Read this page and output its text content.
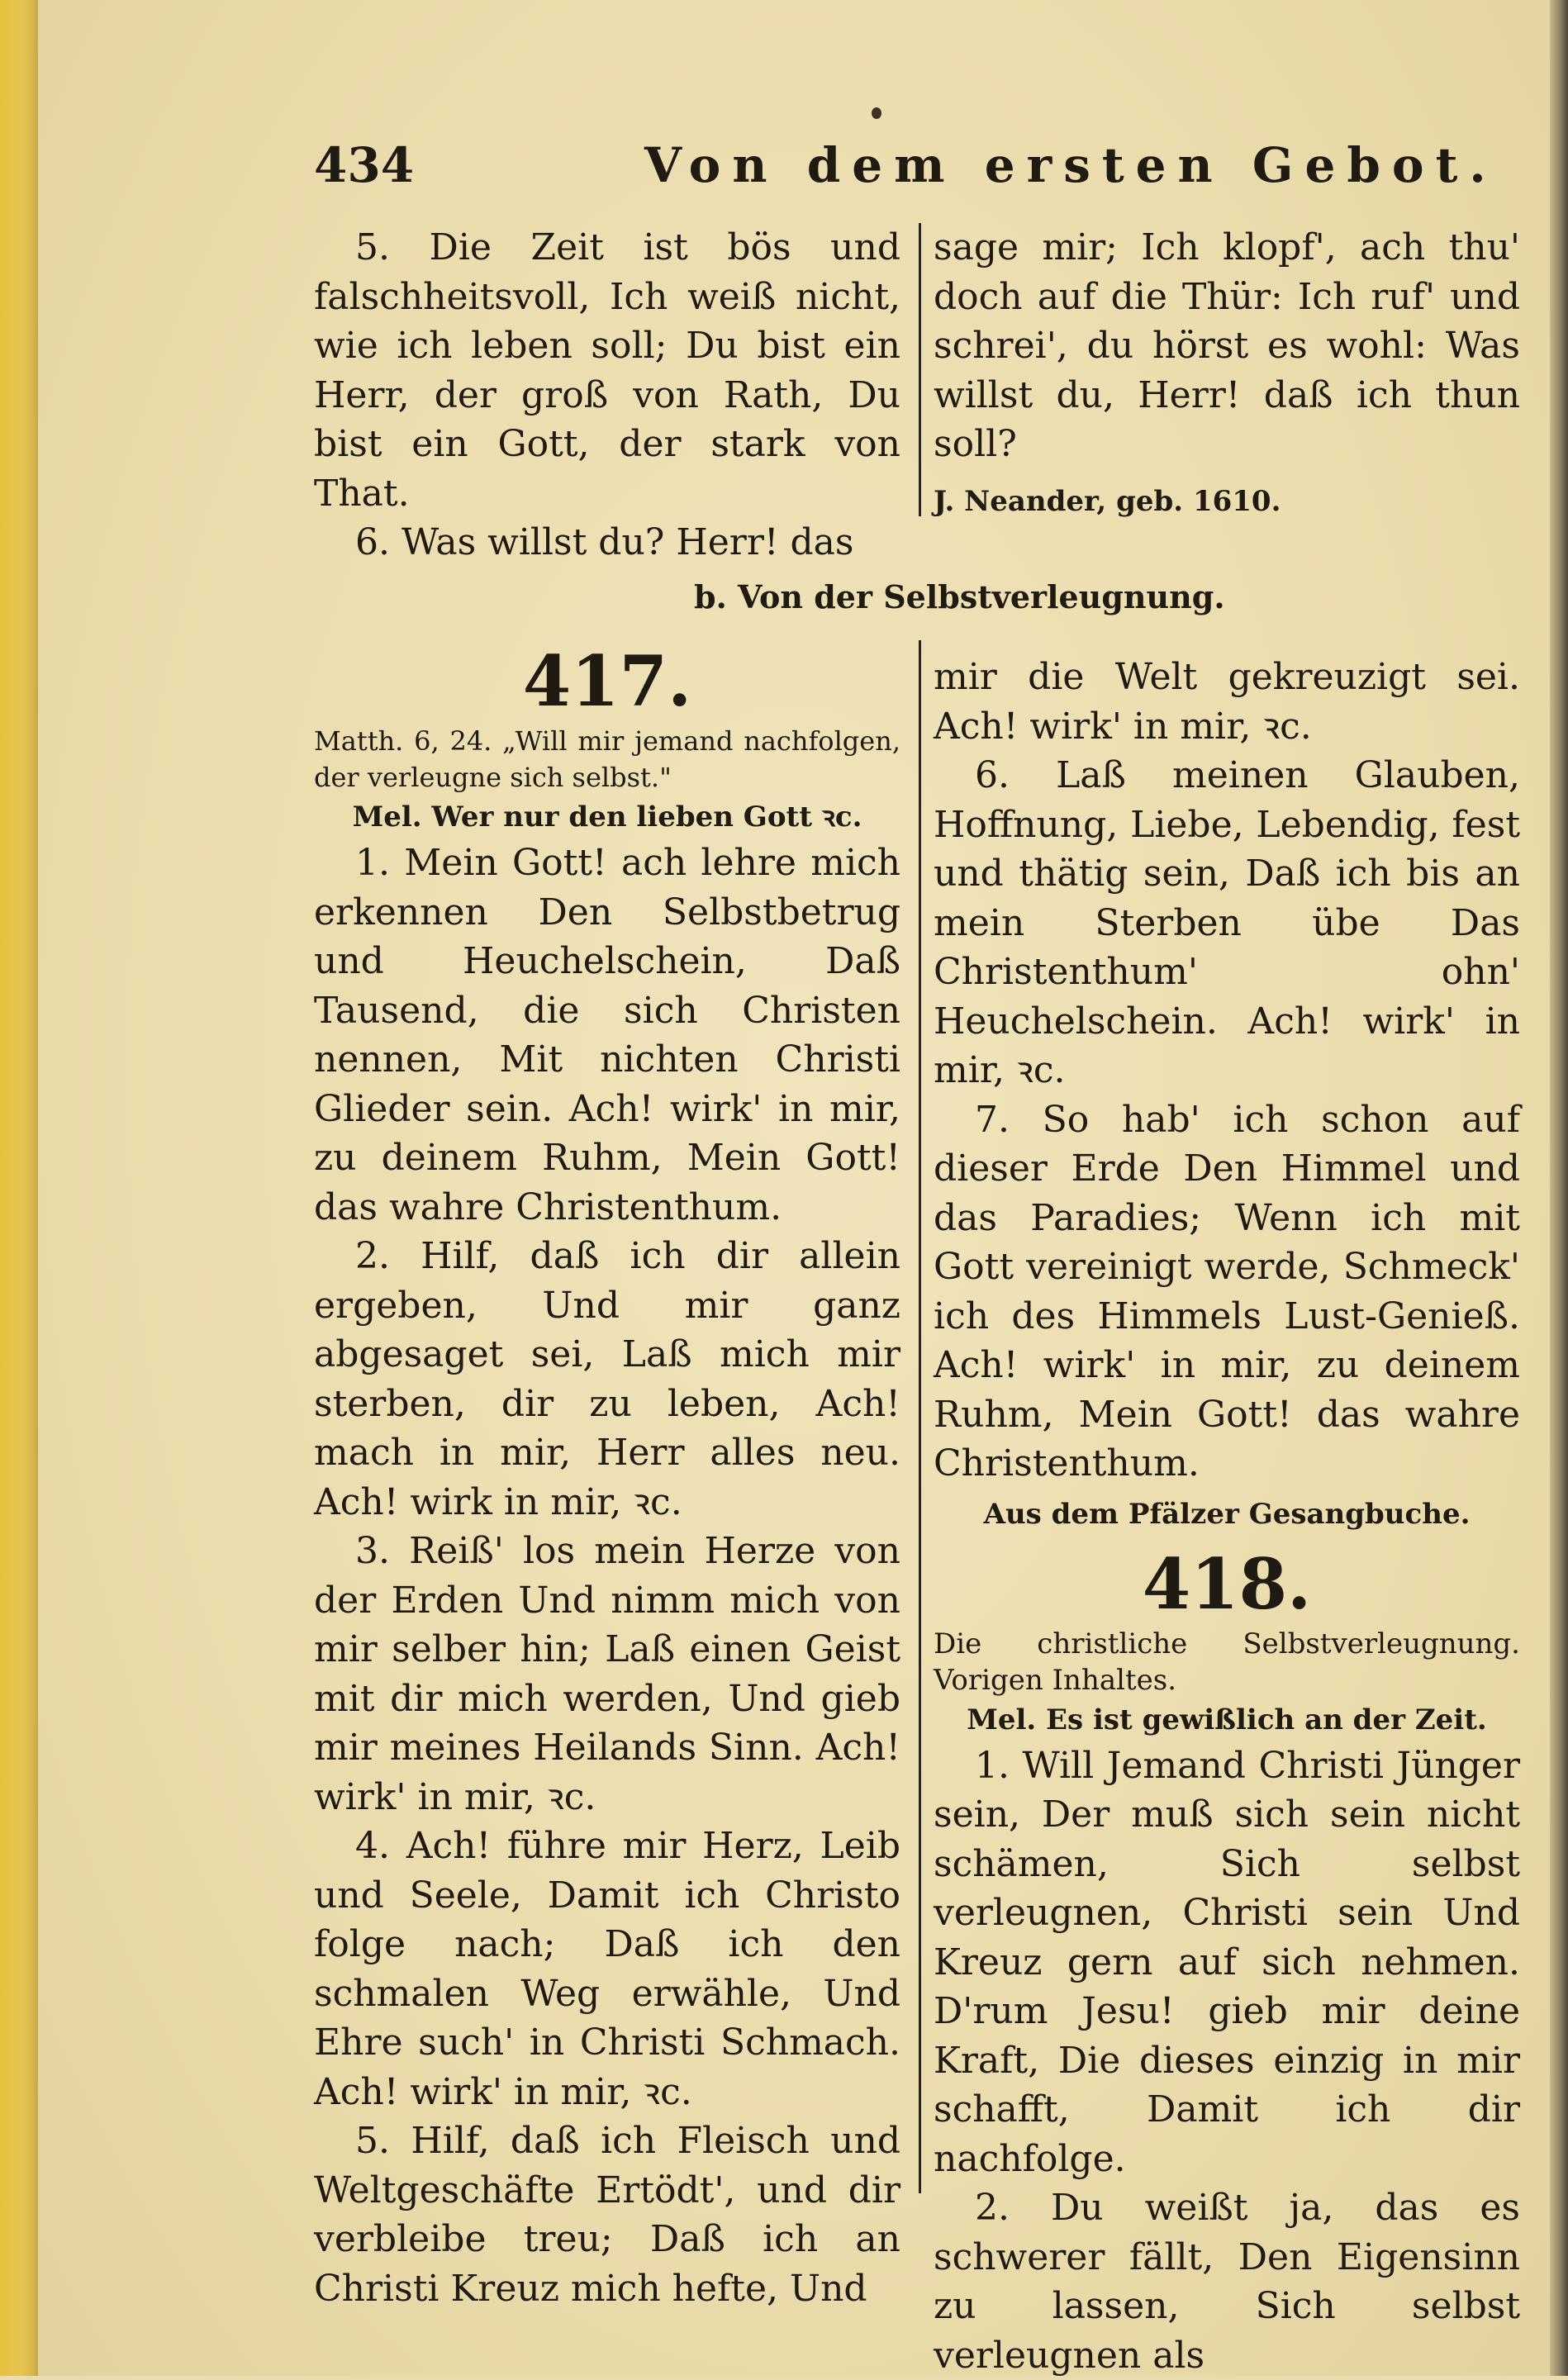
434	Von dem ersten Gebot.

5. Die Zeit ist bös und falschheitsvoll, Ich weiß nicht, wie ich leben soll; Du bist ein Herr, der groß von Rath, Du bist ein Gott, der stark von That.

6. Was willst du? Herr! das

sage mir; Ich klopf', ach thu' doch auf die Thür: Ich ruf' und schrei', du hörst es wohl: Was willst du, Herr! daß ich thun soll?

J. Neander, geb. 1610.

b. Von der Selbstverleugnung.
417.

Matth. 6, 24. „Will mir jemand nachfolgen, der verleugne sich selbst."

Mel. Wer nur den lieben Gott ꝛc.

1. Mein Gott! ach lehre mich erkennen Den Selbstbetrug und Heuchelschein, Daß Tausend, die sich Christen nennen, Mit nichten Christi Glieder sein. Ach! wirk' in mir, zu deinem Ruhm, Mein Gott! das wahre Christenthum.

2. Hilf, daß ich dir allein ergeben, Und mir ganz abgesaget sei, Laß mich mir sterben, dir zu leben, Ach! mach in mir, Herr alles neu. Ach! wirk in mir, ꝛc.

3. Reiß' los mein Herze von der Erden Und nimm mich von mir selber hin; Laß einen Geist mit dir mich werden, Und gieb mir meines Heilands Sinn. Ach! wirk' in mir, ꝛc.

4. Ach! führe mir Herz, Leib und Seele, Damit ich Christo folge nach; Daß ich den schmalen Weg erwähle, Und Ehre such' in Christi Schmach. Ach! wirk' in mir, ꝛc.

5. Hilf, daß ich Fleisch und Weltgeschäfte Ertödt', und dir verbleibe treu; Daß ich an Christi Kreuz mich hefte, Und

mir die Welt gekreuzigt sei. Ach! wirk' in mir, ꝛc.

6. Laß meinen Glauben, Hoffnung, Liebe, Lebendig, fest und thätig sein, Daß ich bis an mein Sterben übe Das Christenthum' ohn' Heuchelschein. Ach! wirk' in mir, ꝛc.

7. So hab' ich schon auf dieser Erde Den Himmel und das Paradies; Wenn ich mit Gott vereinigt werde, Schmeck' ich des Himmels Lust-Genieß. Ach! wirk' in mir, zu deinem Ruhm, Mein Gott! das wahre Christenthum.

Aus dem Pfälzer Gesangbuche.
418.

Die christliche Selbstverleugnung. Vorigen Inhaltes.

Mel. Es ist gewißlich an der Zeit.

1. Will Jemand Christi Jünger sein, Der muß sich sein nicht schämen, Sich selbst verleugnen, Christi sein Und Kreuz gern auf sich nehmen. D'rum Jesu! gieb mir deine Kraft, Die dieses einzig in mir schafft, Damit ich dir nachfolge.

2. Du weißt ja, das es schwerer fällt, Den Eigensinn zu lassen, Sich selbst verleugnen als
